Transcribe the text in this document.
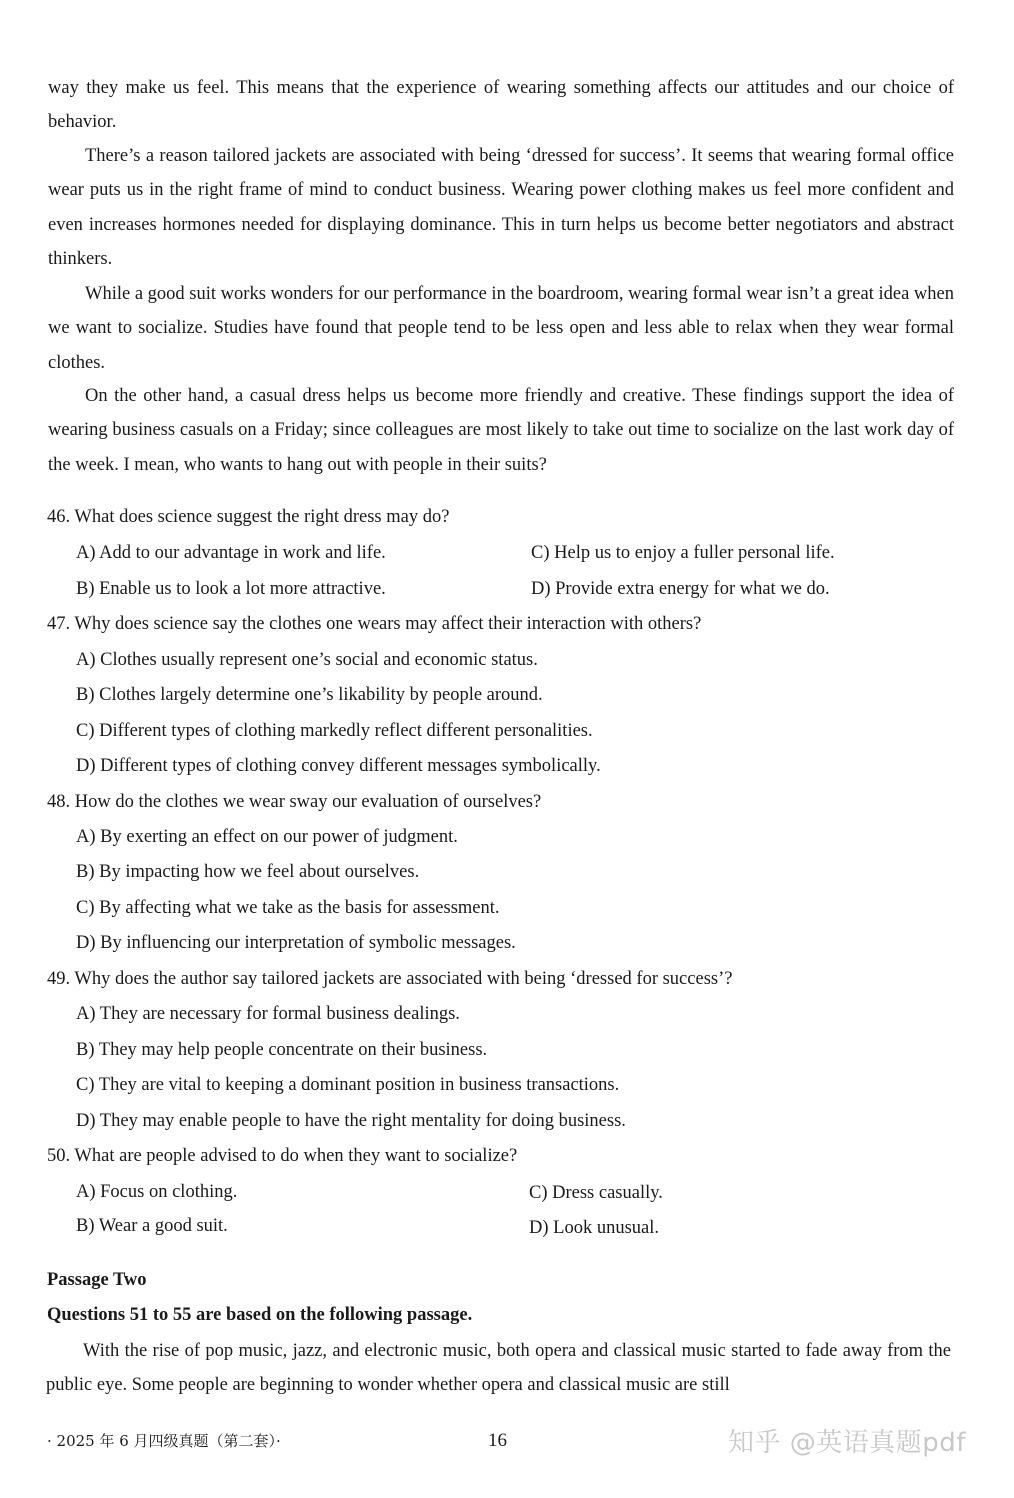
way they make us feel. This means that the experience of wearing something affects our attitudes and our choice of behavior.

There’s a reason tailored jackets are associated with being ‘dressed for success’. It seems that wearing formal office wear puts us in the right frame of mind to conduct business. Wearing power clothing makes us feel more confident and even increases hormones needed for displaying dominance. This in turn helps us become better negotiators and abstract thinkers.

While a good suit works wonders for our performance in the boardroom, wearing formal wear isn’t a great idea when we want to socialize. Studies have found that people tend to be less open and less able to relax when they wear formal clothes.

On the other hand, a casual dress helps us become more friendly and creative. These findings support the idea of wearing business casuals on a Friday; since colleagues are most likely to take out time to socialize on the last work day of the week. I mean, who wants to hang out with people in their suits?

46. What does science suggest the right dress may do?

A) Add to our advantage in work and life.	C) Help us to enjoy a fuller personal life.

B) Enable us to look a lot more attractive.	D) Provide extra energy for what we do.

47. Why does science say the clothes one wears may affect their interaction with others?

A) Clothes usually represent one’s social and economic status.

B) Clothes largely determine one’s likability by people around.

C) Different types of clothing markedly reflect different personalities.

D) Different types of clothing convey different messages symbolically.

48. How do the clothes we wear sway our evaluation of ourselves?

A) By exerting an effect on our power of judgment.

B) By impacting how we feel about ourselves.

C) By affecting what we take as the basis for assessment.

D) By influencing our interpretation of symbolic messages.

49. Why does the author say tailored jackets are associated with being ‘dressed for success’?

A) They are necessary for formal business dealings.

B) They may help people concentrate on their business.

C) They are vital to keeping a dominant position in business transactions.

D) They may enable people to have the right mentality for doing business.

50. What are people advised to do when they want to socialize?

A) Focus on clothing.	C) Dress casually.

B) Wear a good suit.	D) Look unusual.

Passage Two

Questions 51 to 55 are based on the following passage.

With the rise of pop music, jazz, and electronic music, both opera and classical music started to fade away from the public eye. Some people are beginning to wonder whether opera and classical music are still

· 2025 年 6 月四级真题（第二套）·	16	知乎 @英语真题pdf
